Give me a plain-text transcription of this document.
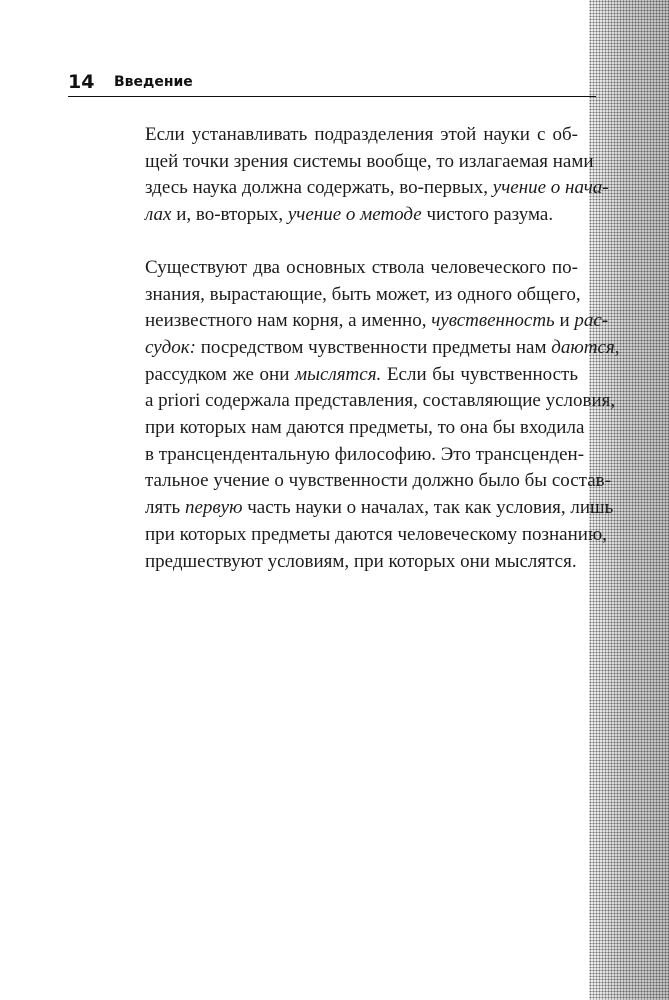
14 Введение

Если устанавливать подразделения этой науки с об-
щей точки зрения системы вообще, то излагаемая нами
здесь наука должна содержать, во-первых, учение о нача-
лах и, во-вторых, учение о методе чистого разума.

Существуют два основных ствола человеческого по-
знания, вырастающие, быть может, из одного общего,
неизвестного нам корня, а именно, чувственность и рас-
судок: посредством чувственности предметы нам даются,
рассудком же они мыслятся. Если бы чувственность
a priori содержала представления, составляющие условия,
при которых нам даются предметы, то она бы входила
в трансцендентальную философию. Это трансценден-
тальное учение о чувственности должно было бы состав-
лять первую часть науки о началах, так как условия, лишь
при которых предметы даются человеческому познанию,
предшествуют условиям, при которых они мыслятся.
